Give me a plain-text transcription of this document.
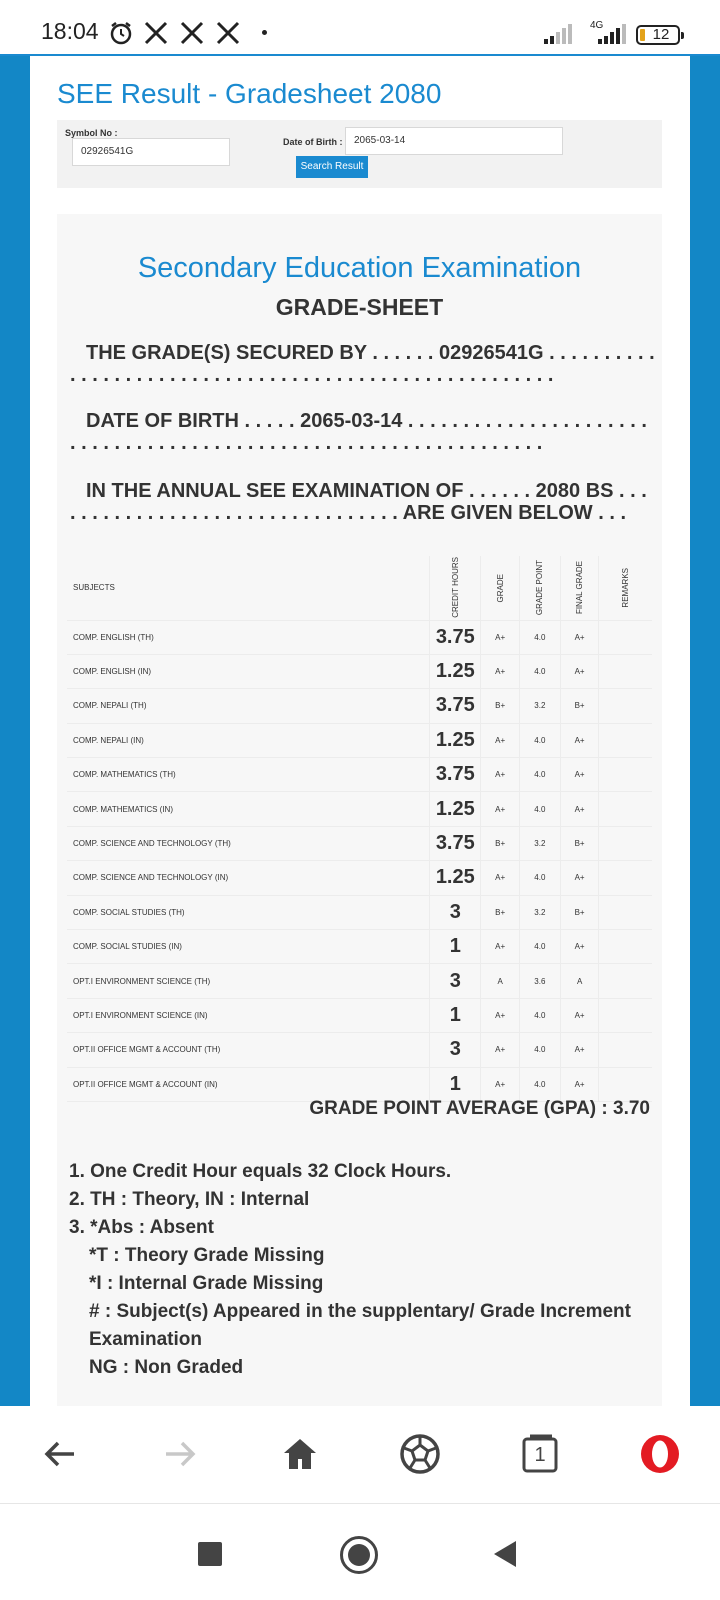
18:04	4G
12
SEE Result - Gradesheet 2080
Symbol No :
02926541G
Date of Birth :	2065-03-14
Search Result
Secondary Education Examination
GRADE-SHEET
THE GRADE(S) SECURED BY . . . . . . 02926541G . . . . . . . . . . . . . . . . . . . . . . . . . . . . . . . . . . . . . . . . . . . . . . . . . . . . . .
DATE OF BIRTH . . . . . 2065-03-14 . . . . . . . . . . . . . . . . . . . . . . . . . . . . . . . . . . . . . . . . . . . . . . . . . . . . . . . . . . . . . . . . .
IN THE ANNUAL SEE EXAMINATION OF . . . . . . 2080 BS . . . . . . . . . . . . . . . . . . . . . . . . . . . . . . . . . ARE GIVEN BELOW . . .
SUBJECTS	CREDIT HOURS	GRADE	GRADE POINT	FINAL GRADE	REMARKS

COMP. ENGLISH (TH)	3.75	A+	4.0	A+	
COMP. ENGLISH (IN)	1.25	A+	4.0	A+	
COMP. NEPALI (TH)	3.75	B+	3.2	B+	
COMP. NEPALI (IN)	1.25	A+	4.0	A+	
COMP. MATHEMATICS (TH)	3.75	A+	4.0	A+	
COMP. MATHEMATICS (IN)	1.25	A+	4.0	A+	
COMP. SCIENCE AND TECHNOLOGY (TH)	3.75	B+	3.2	B+	
COMP. SCIENCE AND TECHNOLOGY (IN)	1.25	A+	4.0	A+	
COMP. SOCIAL STUDIES (TH)	3	B+	3.2	B+	
COMP. SOCIAL STUDIES (IN)	1	A+	4.0	A+	
OPT.I ENVIRONMENT SCIENCE (TH)	3	A	3.6	A	
OPT.I ENVIRONMENT SCIENCE (IN)	1	A+	4.0	A+	
OPT.II OFFICE MGMT & ACCOUNT (TH)	3	A+	4.0	A+	
OPT.II OFFICE MGMT & ACCOUNT (IN)	1	A+	4.0	A+	
GRADE POINT AVERAGE (GPA) : 3.70
1. One Credit Hour equals 32 Clock Hours.
2. TH : Theory, IN : Internal
3. *Abs : Absent
*T : Theory Grade Missing
*I : Internal Grade Missing
# : Subject(s) Appeared in the supplentary/ Grade Increment Examination
NG : Non Graded
1
